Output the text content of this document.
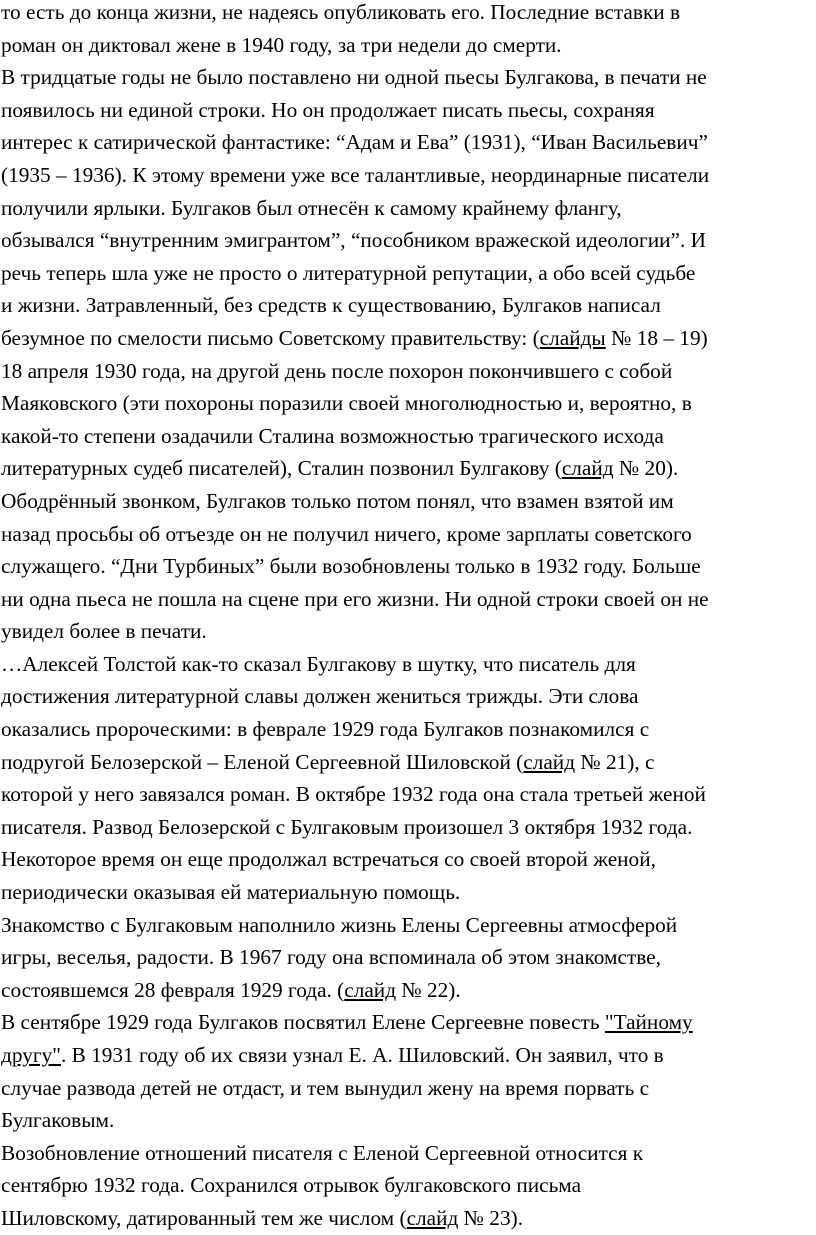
то есть до конца жизни, не надеясь опубликовать его. Последние вставки в
роман он диктовал жене в 1940 году, за три недели до смерти.

В тридцатые годы не было поставлено ни одной пьесы Булгакова, в печати не
появилось ни единой строки. Но он продолжает писать пьесы, сохраняя
интерес к сатирической фантастике: “Адам и Ева” (1931), “Иван Васильевич”
(1935 – 1936). К этому времени уже все талантливые, неординарные писатели
получили ярлыки. Булгаков был отнесён к самому крайнему флангу,
обзывался “внутренним эмигрантом”, “пособником вражеской идеологии”. И
речь теперь шла уже не просто о литературной репутации, а обо всей судьбе
и жизни. Затравленный, без средств к существованию, Булгаков написал
безумное по смелости письмо Советскому правительству: (слайды № 18 – 19)
18 апреля 1930 года, на другой день после похорон покончившего с собой
Маяковского (эти похороны поразили своей многолюдностью и, вероятно, в
какой-то степени озадачили Сталина возможностью трагического исхода
литературных судеб писателей), Сталин позвонил Булгакову (слайд № 20).
Ободрённый звонком, Булгаков только потом понял, что взамен взятой им
назад просьбы об отъезде он не получил ничего, кроме зарплаты советского
служащего. “Дни Турбиных” были возобновлены только в 1932 году. Больше
ни одна пьеса не пошла на сцене при его жизни. Ни одной строки своей он не
увидел более в печати.

…Алексей Толстой как-то сказал Булгакову в шутку, что писатель для
достижения литературной славы должен жениться трижды. Эти слова
оказались пророческими: в феврале 1929 года Булгаков познакомился с
подругой Белозерской – Еленой Сергеевной Шиловской (слайд № 21), с
которой у него завязался роман. В октябре 1932 года она стала третьей женой
писателя. Развод Белозерской с Булгаковым произошел 3 октября 1932 года.
Некоторое время он еще продолжал встречаться со своей второй женой,
периодически оказывая ей материальную помощь.

Знакомство с Булгаковым наполнило жизнь Елены Сергеевны атмосферой
игры, веселья, радости. В 1967 году она вспоминала об этом знакомстве,
состоявшемся 28 февраля 1929 года. (слайд № 22).

В сентябре 1929 года Булгаков посвятил Елене Сергеевне повесть "Тайному
другу". В 1931 году об их связи узнал Е. А. Шиловский. Он заявил, что в
случае развода детей не отдаст, и тем вынудил жену на время порвать с
Булгаковым.

Возобновление отношений писателя с Еленой Сергеевной относится к
сентябрю 1932 года. Сохранился отрывок булгаковского письма
Шиловскому, датированный тем же числом (слайд № 23).
